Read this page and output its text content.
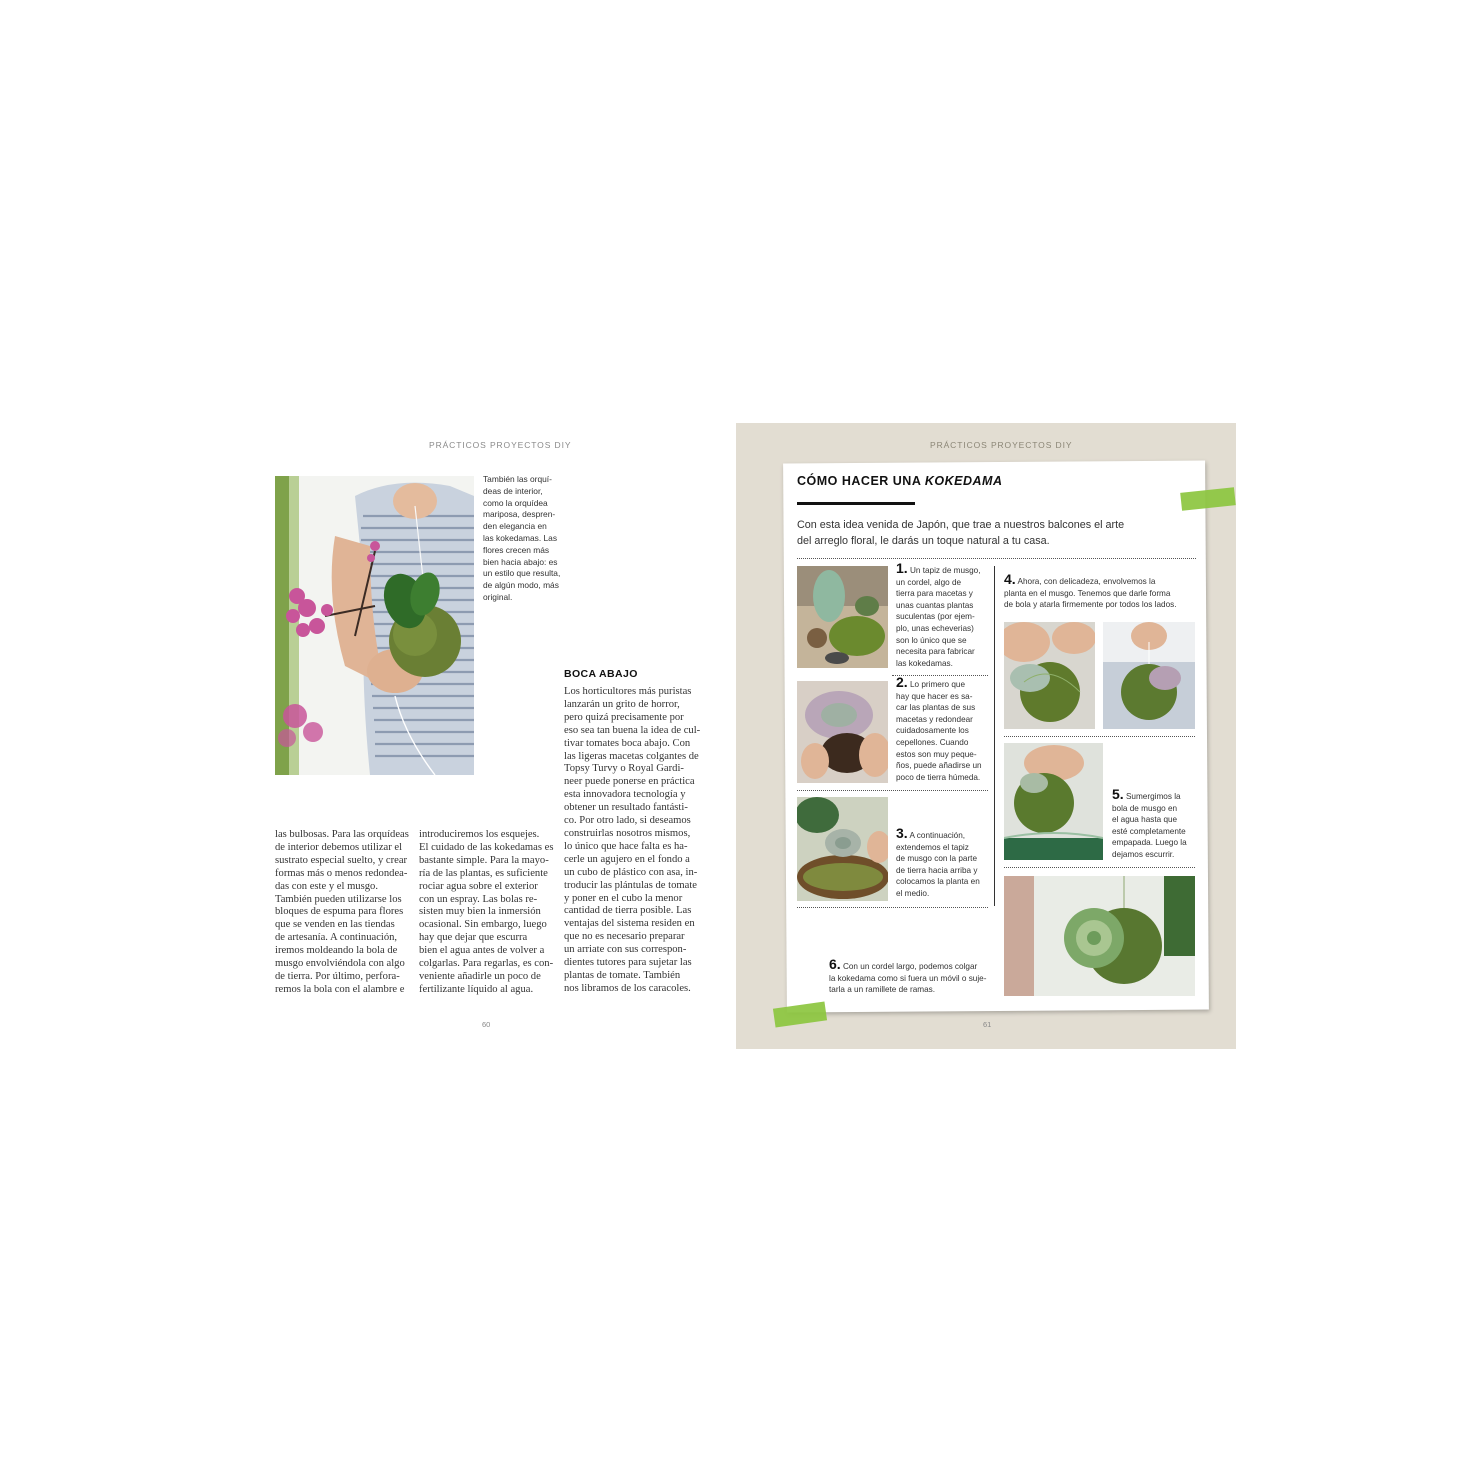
PRÁCTICOS PROYECTOS DIY
También las orquí-
deas de interior,
como la orquídea
mariposa, despren-
den elegancia en
las kokedamas. Las
flores crecen más
bien hacia abajo: es
un estilo que resulta,
de algún modo, más
original.
las bulbosas. Para las orquídeas
de interior debemos utilizar el
sustrato especial suelto, y crear
formas más o menos redondea-
das con este y el musgo.
También pueden utilizarse los
bloques de espuma para flores
que se venden en las tiendas
de artesanía. A continuación,
iremos moldeando la bola de
musgo envolviéndola con algo
de tierra. Por último, perfora-
remos la bola con el alambre e
introduciremos los esquejes.
El cuidado de las kokedamas es
bastante simple. Para la mayo-
ría de las plantas, es suficiente
rociar agua sobre el exterior
con un espray. Las bolas re-
sisten muy bien la inmersión
ocasional. Sin embargo, luego
hay que dejar que escurra
bien el agua antes de volver a
colgarlas. Para regarlas, es con-
veniente añadirle un poco de
fertilizante líquido al agua.
BOCA ABAJO
Los horticultores más puristas
lanzarán un grito de horror,
pero quizá precisamente por
eso sea tan buena la idea de cul-
tivar tomates boca abajo. Con
las ligeras macetas colgantes de
Topsy Turvy o Royal Gardi-
neer puede ponerse en práctica
esta innovadora tecnología y
obtener un resultado fantásti-
co. Por otro lado, si deseamos
construirlas nosotros mismos,
lo único que hace falta es ha-
cerle un agujero en el fondo a
un cubo de plástico con asa, in-
troducir las plántulas de tomate
y poner en el cubo la menor
cantidad de tierra posible. Las
ventajas del sistema residen en
que no es necesario preparar
un arriate con sus correspon-
dientes tutores para sujetar las
plantas de tomate. También
nos libramos de los caracoles.
60
PRÁCTICOS PROYECTOS DIY
CÓMO HACER UNA KOKEDAMA
Con esta idea venida de Japón, que trae a nuestros balcones el arte
del arreglo floral, le darás un toque natural a tu casa.
1. Un tapiz de musgo,
un cordel, algo de
tierra para macetas y
unas cuantas plantas
suculentas (por ejem-
plo, unas echeverias)
son lo único que se
necesita para fabricar
las kokedamas.
2. Lo primero que
hay que hacer es sa-
car las plantas de sus
macetas y redondear
cuidadosamente los
cepellones. Cuando
estos son muy peque-
ños, puede añadirse un
poco de tierra húmeda.
3. A continuación,
extendemos el tapiz
de musgo con la parte
de tierra hacia arriba y
colocamos la planta en
el medio.
4. Ahora, con delicadeza, envolvemos la
planta en el musgo. Tenemos que darle forma
de bola y atarla firmemente por todos los lados.
5. Sumergimos la
bola de musgo en
el agua hasta que
esté completamente
empapada. Luego la
dejamos escurrir.
6. Con un cordel largo, podemos colgar
la kokedama como si fuera un móvil o suje-
tarla a un ramillete de ramas.
61
